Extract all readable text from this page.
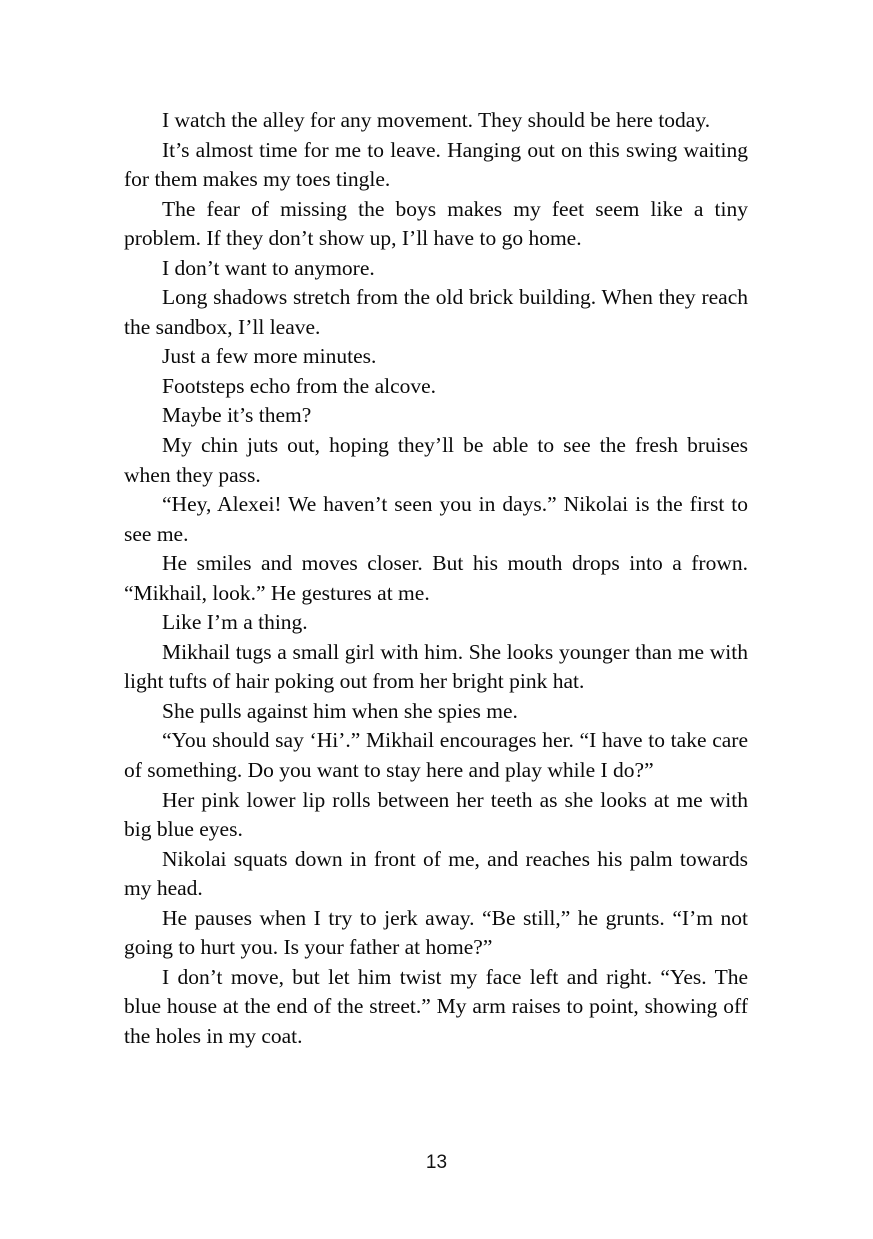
I watch the alley for any movement. They should be here today.

It’s almost time for me to leave. Hanging out on this swing waiting for them makes my toes tingle.

The fear of missing the boys makes my feet seem like a tiny problem. If they don’t show up, I’ll have to go home.

I don’t want to anymore.

Long shadows stretch from the old brick building. When they reach the sandbox, I’ll leave.

Just a few more minutes.

Footsteps echo from the alcove.

Maybe it’s them?

My chin juts out, hoping they’ll be able to see the fresh bruises when they pass.

“Hey, Alexei! We haven’t seen you in days.” Nikolai is the first to see me.

He smiles and moves closer. But his mouth drops into a frown. “Mikhail, look.” He gestures at me.

Like I’m a thing.

Mikhail tugs a small girl with him. She looks younger than me with light tufts of hair poking out from her bright pink hat.

She pulls against him when she spies me.

“You should say ‘Hi’.” Mikhail encourages her. “I have to take care of something. Do you want to stay here and play while I do?”

Her pink lower lip rolls between her teeth as she looks at me with big blue eyes.

Nikolai squats down in front of me, and reaches his palm towards my head.

He pauses when I try to jerk away. “Be still,” he grunts. “I’m not going to hurt you. Is your father at home?”

I don’t move, but let him twist my face left and right. “Yes. The blue house at the end of the street.” My arm raises to point, showing off the holes in my coat.

13
